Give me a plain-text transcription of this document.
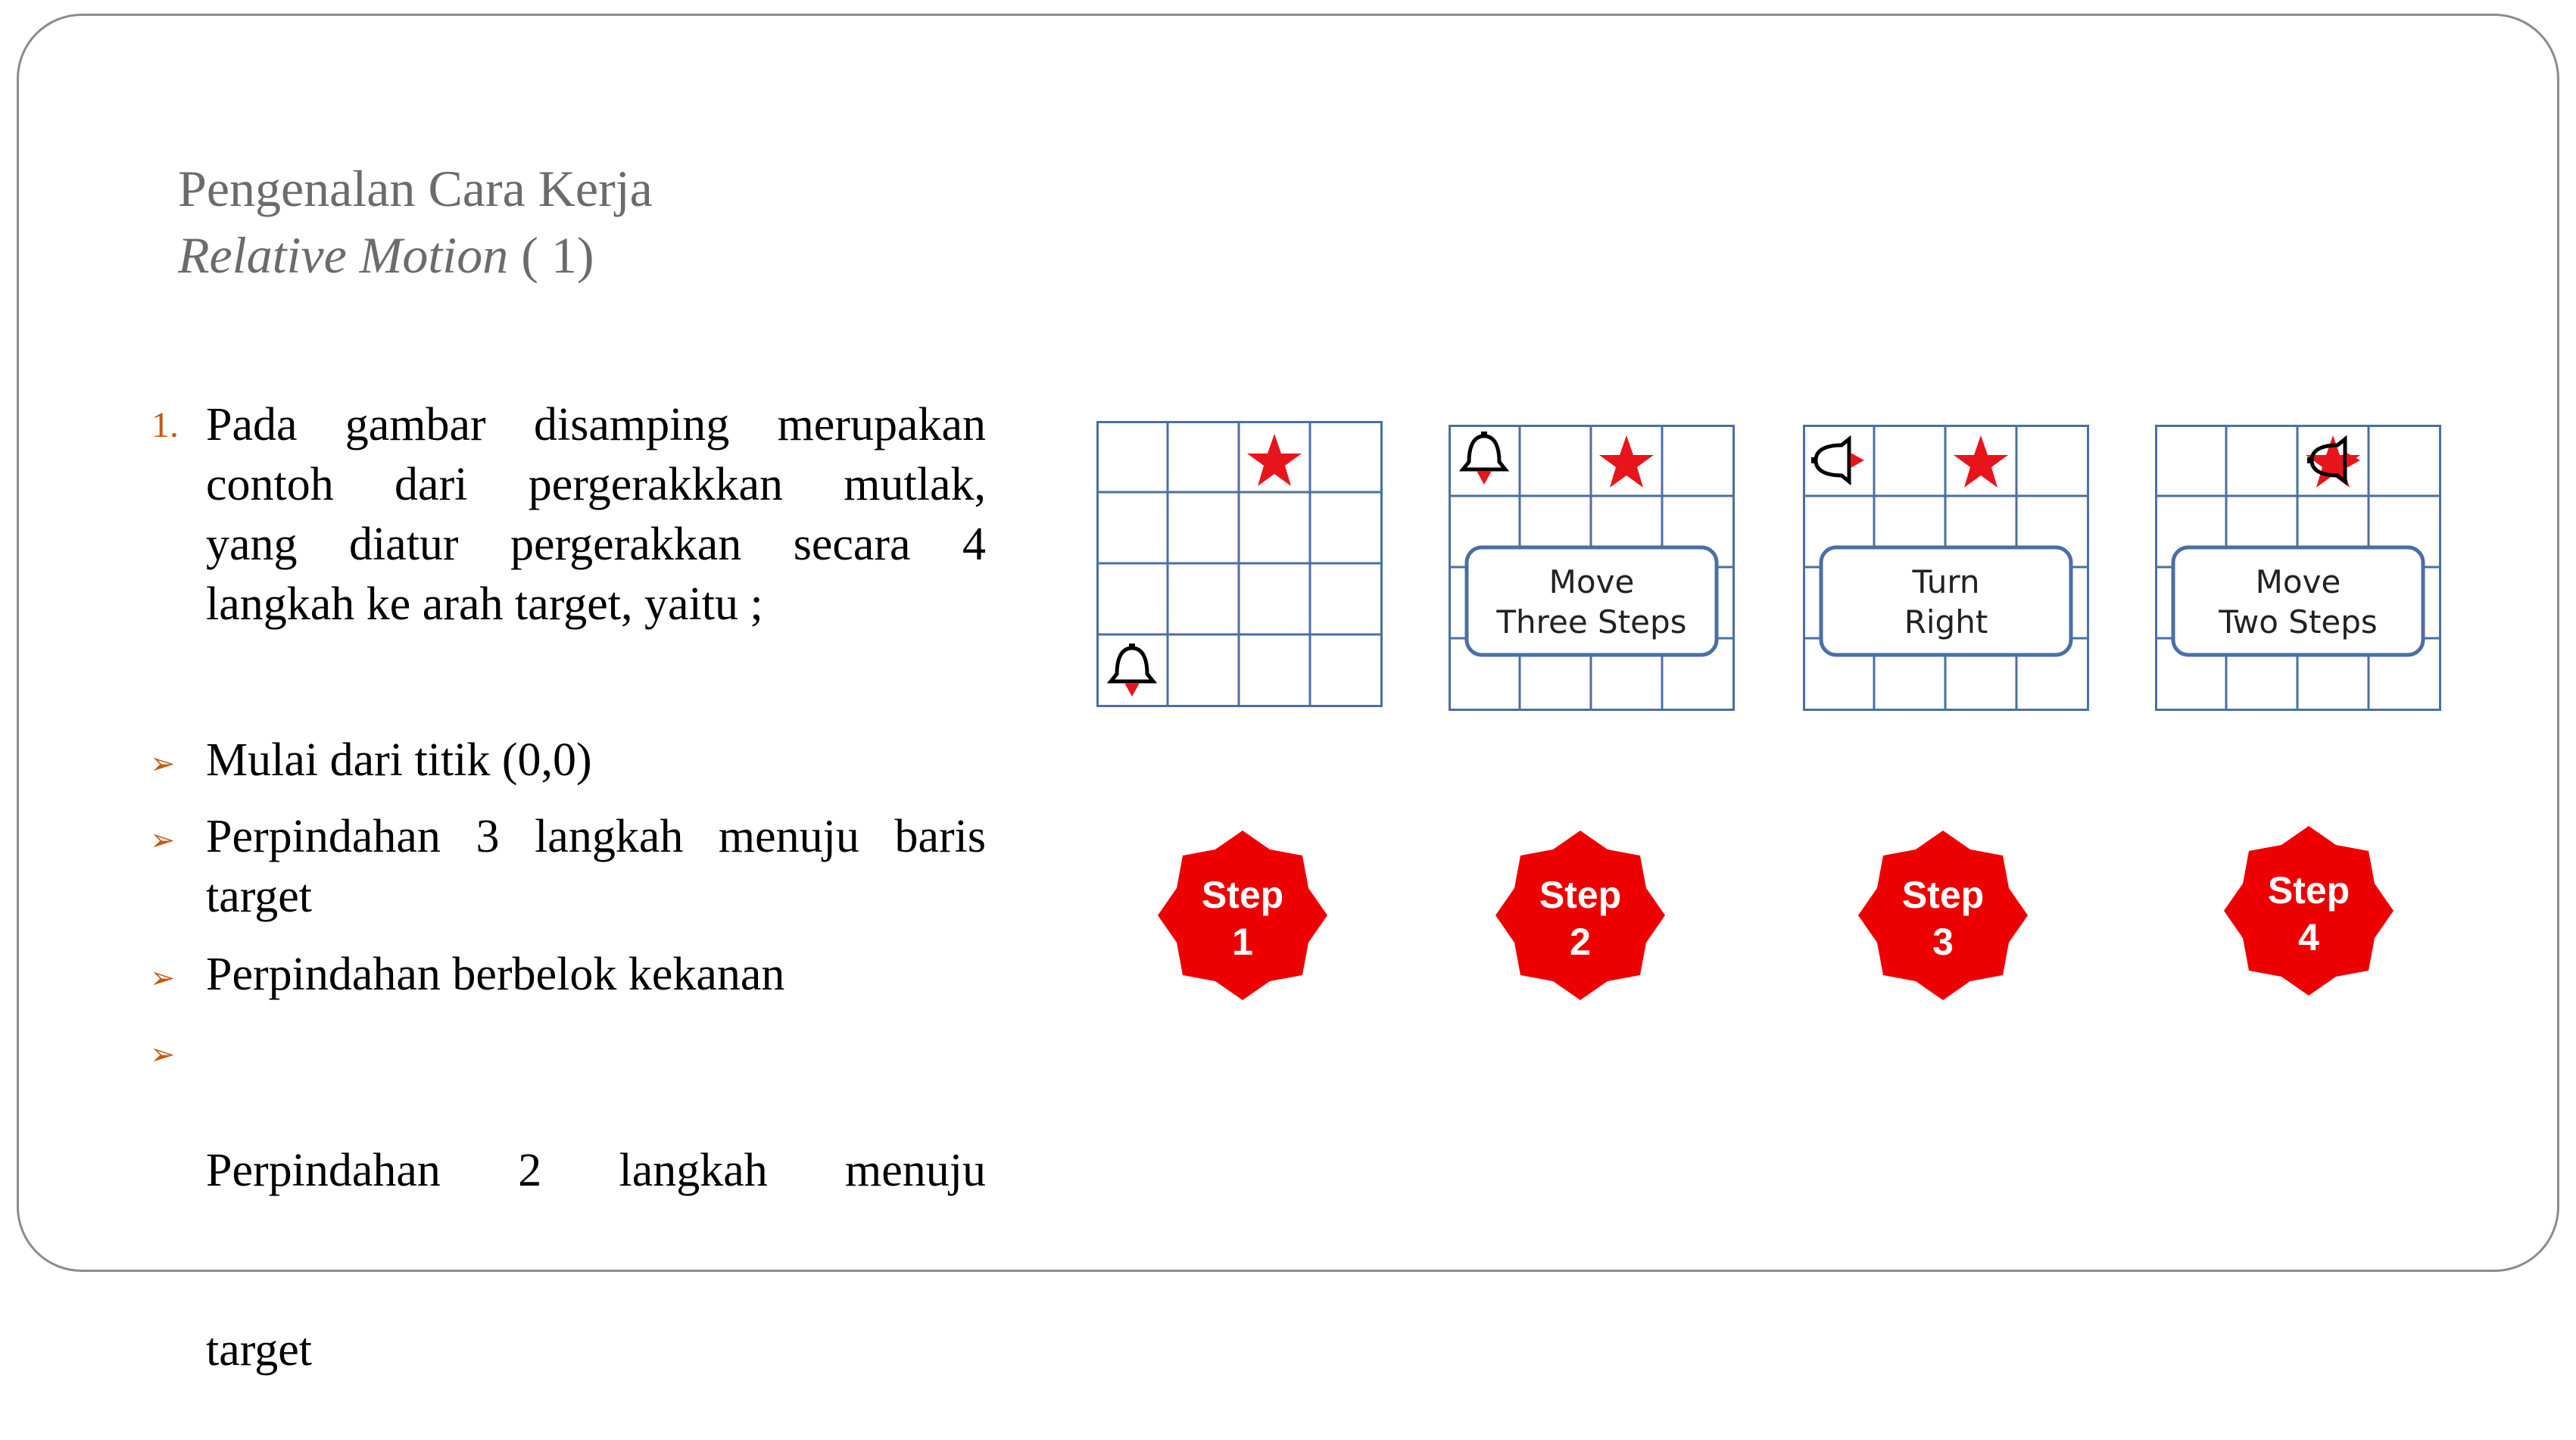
Pengenalan Cara Kerja
Relative Motion ( 1)
1. Pada gambar disamping merupakan
contoh dari pergerakkkan mutlak,
yang diatur pergerakkan secara 4
langkah ke arah target, yaitu ;
➢ Mulai dari titik (0,0)
➢ Perpindahan 3 langkah menuju baris
target
➢ Perpindahan berbelok kekanan
➢

Perpindahan 2 langkah menuju

target

Move
Three Steps
Turn
Right
Move
Two Steps
Step
1
Step
2
Step
3
Step
4
